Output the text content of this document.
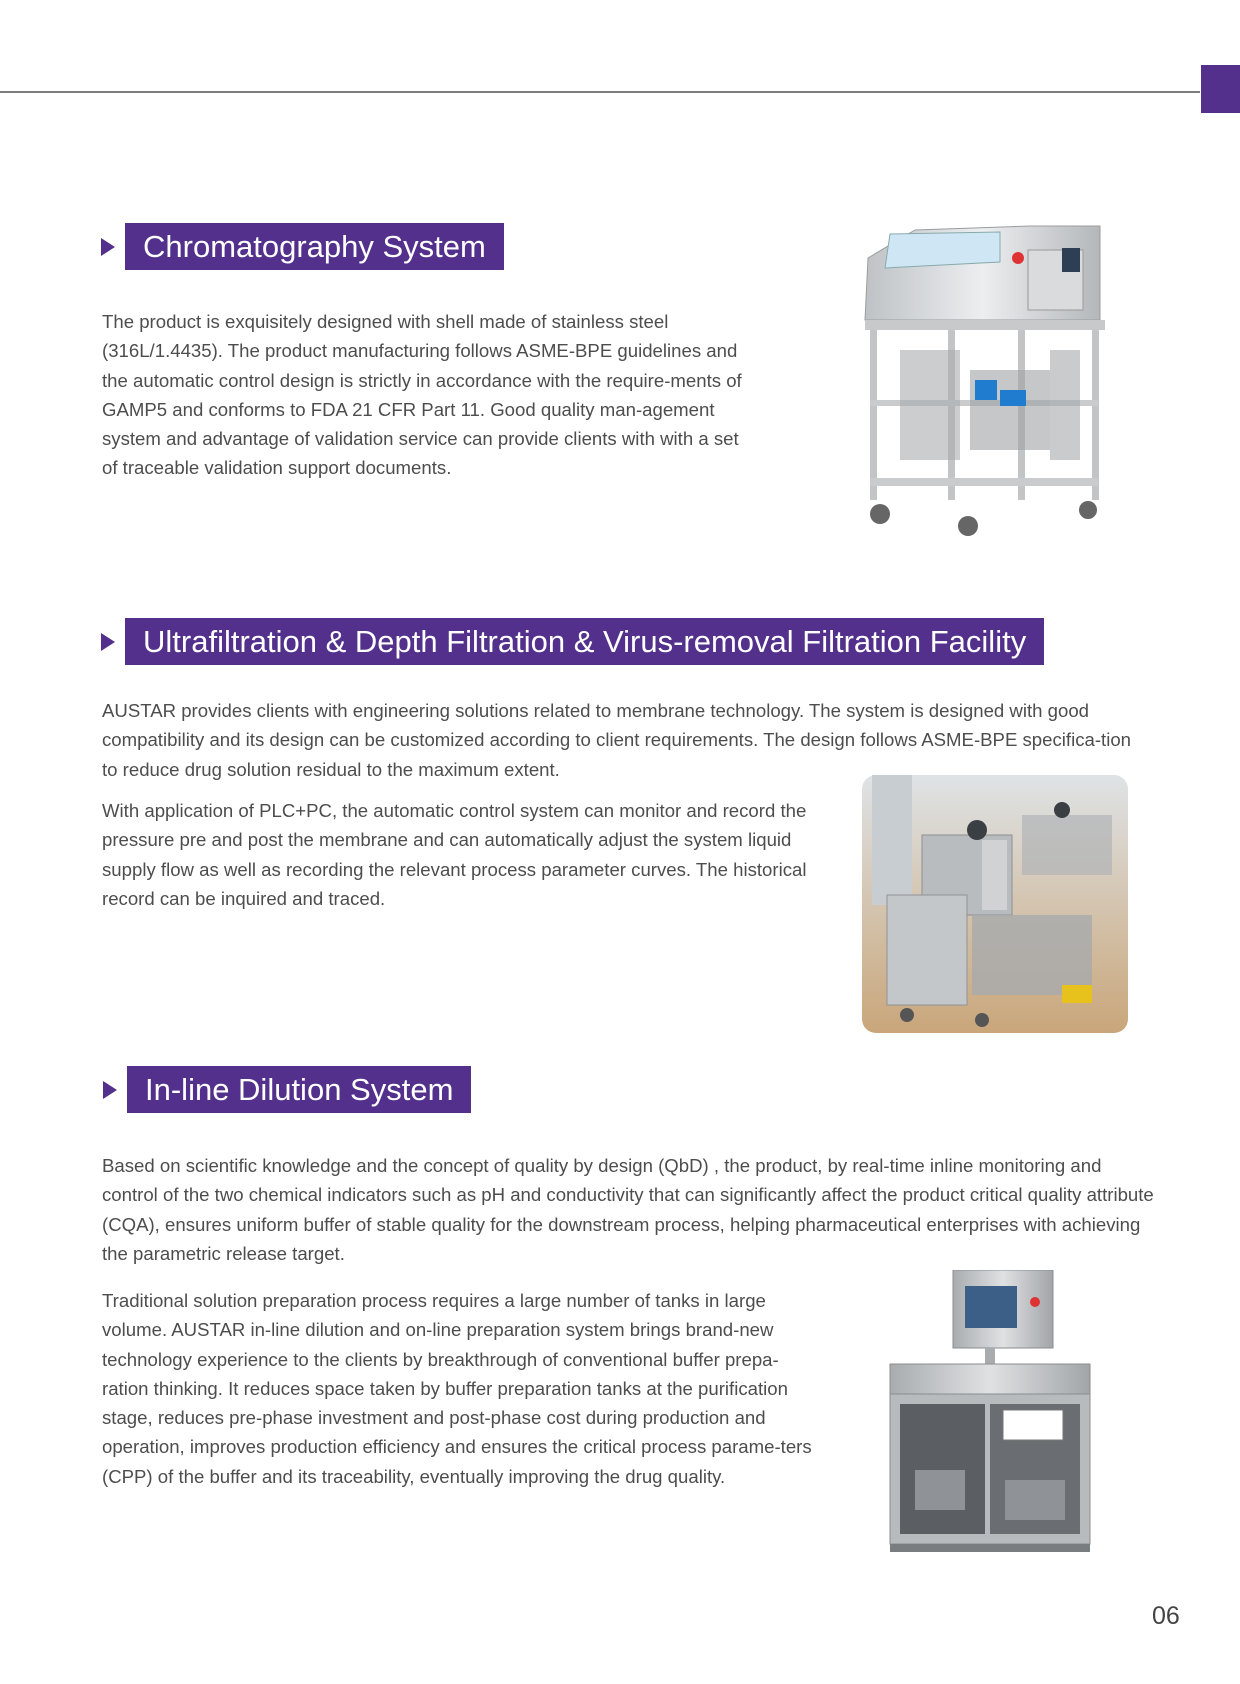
Chromatography System

The product is exquisitely designed with shell made of stainless steel (316L/1.4435). The product manufacturing follows ASME-BPE guidelines and the automatic control design is strictly in accordance with the require-ments of GAMP5 and conforms to FDA 21 CFR Part 11. Good quality man-agement system and advantage of validation service can provide clients with with a set of traceable validation support documents.

Ultrafiltration & Depth Filtration & Virus-removal Filtration Facility

AUSTAR provides clients with engineering solutions related to membrane technology. The system is designed with good compatibility and its design can be customized according to client requirements. The design follows ASME-BPE specifica-tion to reduce drug solution residual to the maximum extent.

With application of PLC+PC, the automatic control system can monitor and record the pressure pre and post the membrane and can automatically adjust the system liquid supply flow as well as recording the relevant process parameter curves. The historical record can be inquired and traced.

In-line Dilution System

Based on scientific knowledge and the concept of quality by design (QbD) , the product, by real-time inline monitoring and control of the two chemical indicators such as pH and conductivity that can significantly affect the product critical quality attribute (CQA), ensures uniform buffer of stable quality for the downstream process, helping pharmaceutical enterprises with achieving the parametric release target.

Traditional solution preparation process requires a large number of tanks in large volume. AUSTAR in-line dilution and on-line preparation system brings brand-new technology experience to the clients by breakthrough of conventional buffer prepa-ration thinking. It reduces space taken by buffer preparation tanks at the purification stage, reduces pre-phase investment and post-phase cost during production and operation, improves production efficiency and ensures the critical process parame-ters (CPP) of the buffer and its traceability, eventually improving the drug quality.

06
